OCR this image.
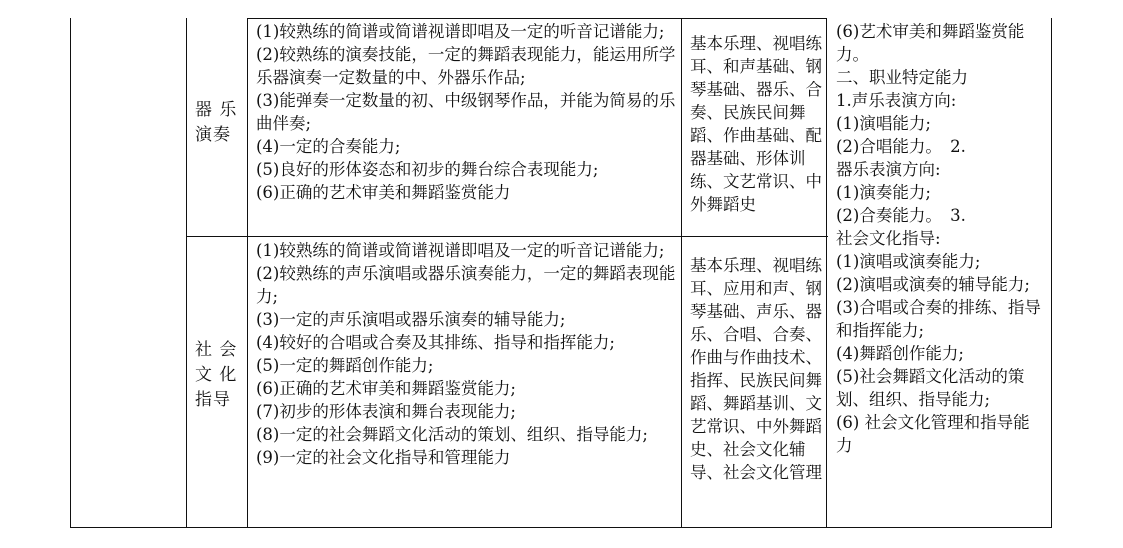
器 乐
演奏

(1)较熟练的简谱或简谱视谱即唱及一定的听音记谱能力;

(2)较熟练的演奏技能，一定的舞蹈表现能力，能运用所学乐器演奏一定数量的中、外器乐作品;

(3)能弹奏一定数量的初、中级钢琴作品，并能为简易的乐曲伴奏;

(4)一定的合奏能力;

(5)良好的形体姿态和初步的舞台综合表现能力;

(6)正确的艺术审美和舞蹈鉴赏能力

基本乐理、视唱练耳、和声基础、钢琴基础、器乐、合奏、民族民间舞蹈、作曲基础、配器基础、形体训练、文艺常识、中外舞蹈史

社 会
文 化
指导

(1)较熟练的简谱或简谱视谱即唱及一定的听音记谱能力;

(2)较熟练的声乐演唱或器乐演奏能力，一定的舞蹈表现能力;

(3)一定的声乐演唱或器乐演奏的辅导能力;

(4)较好的合唱或合奏及其排练、指导和指挥能力;

(5)一定的舞蹈创作能力;

(6)正确的艺术审美和舞蹈鉴赏能力;

(7)初步的形体表演和舞台表现能力;

(8)一定的社会舞蹈文化活动的策划、组织、指导能力;

(9)一定的社会文化指导和管理能力

基本乐理、视唱练耳、应用和声、钢琴基础、声乐、器乐、合唱、合奏、作曲与作曲技术、指挥、民族民间舞蹈、舞蹈基训、文艺常识、中外舞蹈史、社会文化辅导、社会文化管理

(6)艺术审美和舞蹈鉴赏能力。

二、职业特定能力

1.声乐表演方向:

(1)演唱能力;

(2)合唱能力。　2.

器乐表演方向:

(1)演奏能力;

(2)合奏能力。　3.

社会文化指导:

(1)演唱或演奏能力;

(2)演唱或演奏的辅导能力;

(3)合唱或合奏的排练、指导和指挥能力;

(4)舞蹈创作能力;

(5)社会舞蹈文化活动的策划、组织、指导能力;

(6) 社会文化管理和指导能力
